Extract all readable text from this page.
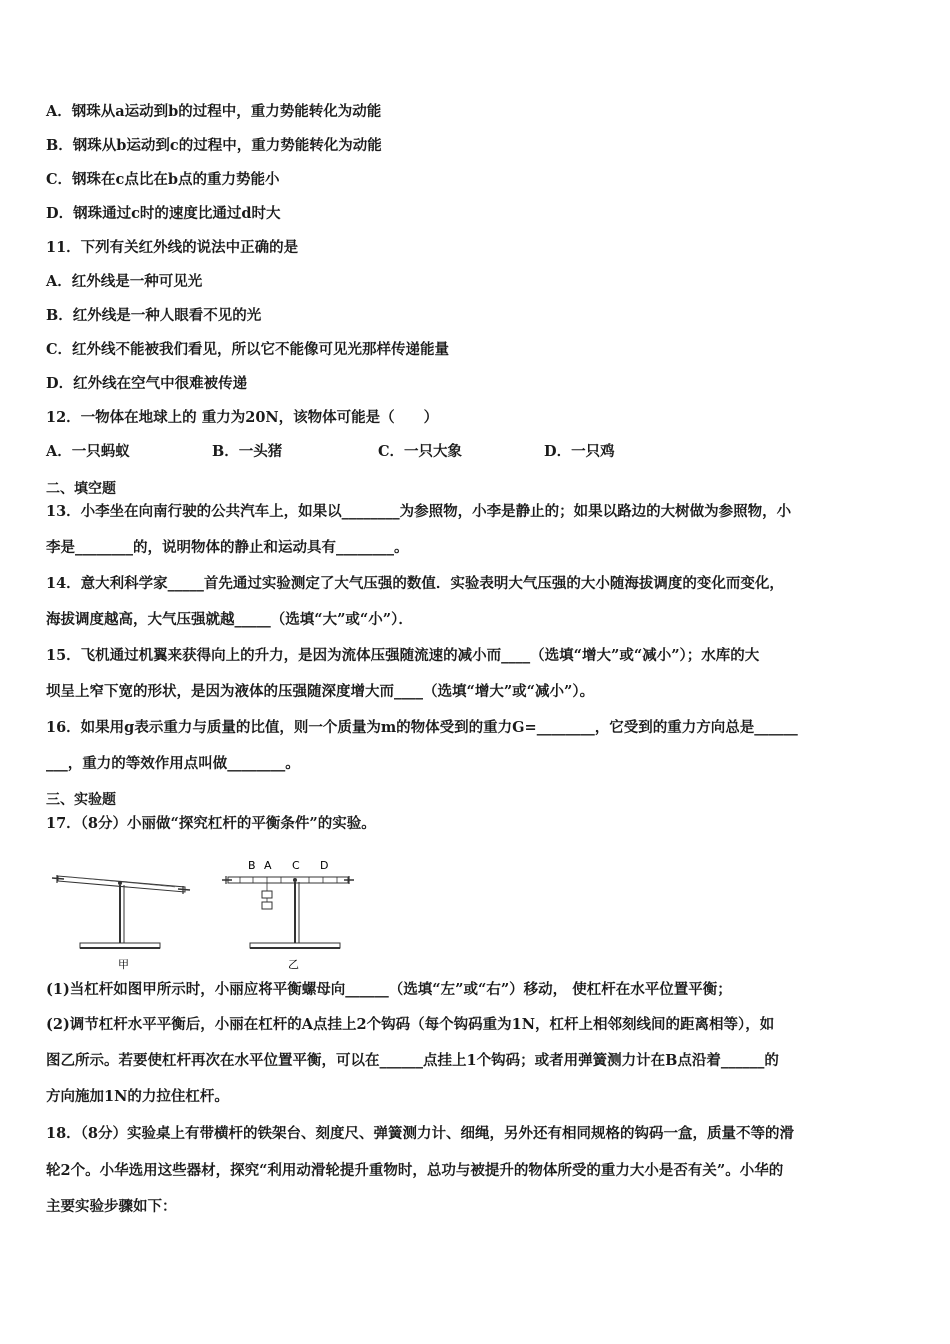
A．钢珠从a运动到b的过程中，重力势能转化为动能
B．钢珠从b运动到c的过程中，重力势能转化为动能
C．钢珠在c点比在b点的重力势能小
D．钢珠通过c时的速度比通过d时大
11．下列有关红外线的说法中正确的是
A．红外线是一种可见光
B．红外线是一种人眼看不见的光
C．红外线不能被我们看见，所以它不能像可见光那样传递能量
D．红外线在空气中很难被传递
12．一物体在地球上的 重力为20N，该物体可能是（　　）
A．一只蚂蚁	B．一头猪	C．一只大象	D．一只鸡
二、填空题
13．小李坐在向南行驶的公共汽车上，如果以________为参照物，小李是静止的；如果以路边的大树做为参照物，小
李是________的，说明物体的静止和运动具有________。
14．意大利科学家_____首先通过实验测定了大气压强的数值．实验表明大气压强的大小随海拔调度的变化而变化，
海拔调度越高，大气压强就越_____（选填“大”或“小”）．
15．飞机通过机翼来获得向上的升力，是因为流体压强随流速的减小而____（选填“增大”或“减小”）；水库的大
坝呈上窄下宽的形状，是因为液体的压强随深度增大而____（选填“增大”或“减小”）。
16．如果用g表示重力与质量的比值，则一个质量为m的物体受到的重力G=________，它受到的重力方向总是______
___，重力的等效作用点叫做________。
三、实验题
17．（8分）小丽做“探究杠杆的平衡条件”的实验。
甲
B A C D
乙
(1)当杠杆如图甲所示时，小丽应将平衡螺母向______（选填“左”或“右”）移动， 使杠杆在水平位置平衡；
(2)调节杠杆水平平衡后，小丽在杠杆的A点挂上2个钩码（每个钩码重为1N，杠杆上相邻刻线间的距离相等），如
图乙所示。若要使杠杆再次在水平位置平衡，可以在______点挂上1个钩码；或者用弹簧测力计在B点沿着______的
方向施加1N的力拉住杠杆。
18．（8分）实验桌上有带横杆的铁架台、刻度尺、弹簧测力计、细绳，另外还有相同规格的钩码一盒，质量不等的滑
轮2个。小华选用这些器材，探究“利用动滑轮提升重物时，总功与被提升的物体所受的重力大小是否有关”。小华的
主要实验步骤如下：
